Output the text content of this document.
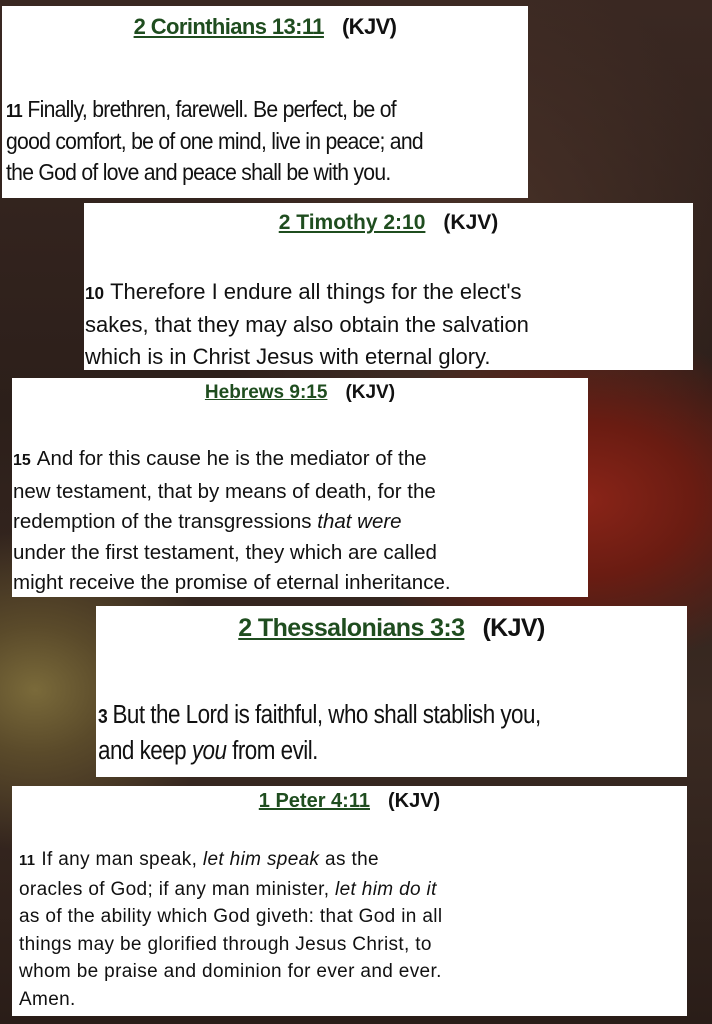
2 Corinthians 13:11 (KJV)

11 Finally, brethren, farewell. Be perfect, be of
good comfort, be of one mind, live in peace; and
the God of love and peace shall be with you.

2 Timothy 2:10 (KJV)

10 Therefore I endure all things for the elect's
sakes, that they may also obtain the salvation
which is in Christ Jesus with eternal glory.

Hebrews 9:15 (KJV)

15 And for this cause he is the mediator of the
new testament, that by means of death, for the
redemption of the transgressions that were
under the first testament, they which are called
might receive the promise of eternal inheritance.

2 Thessalonians 3:3 (KJV)

3 But the Lord is faithful, who shall stablish you,
and keep you from evil.

1 Peter 4:11 (KJV)

11 If any man speak, let him speak as the
oracles of God; if any man minister, let him do it
as of the ability which God giveth: that God in all
things may be glorified through Jesus Christ, to
whom be praise and dominion for ever and ever.
Amen.
